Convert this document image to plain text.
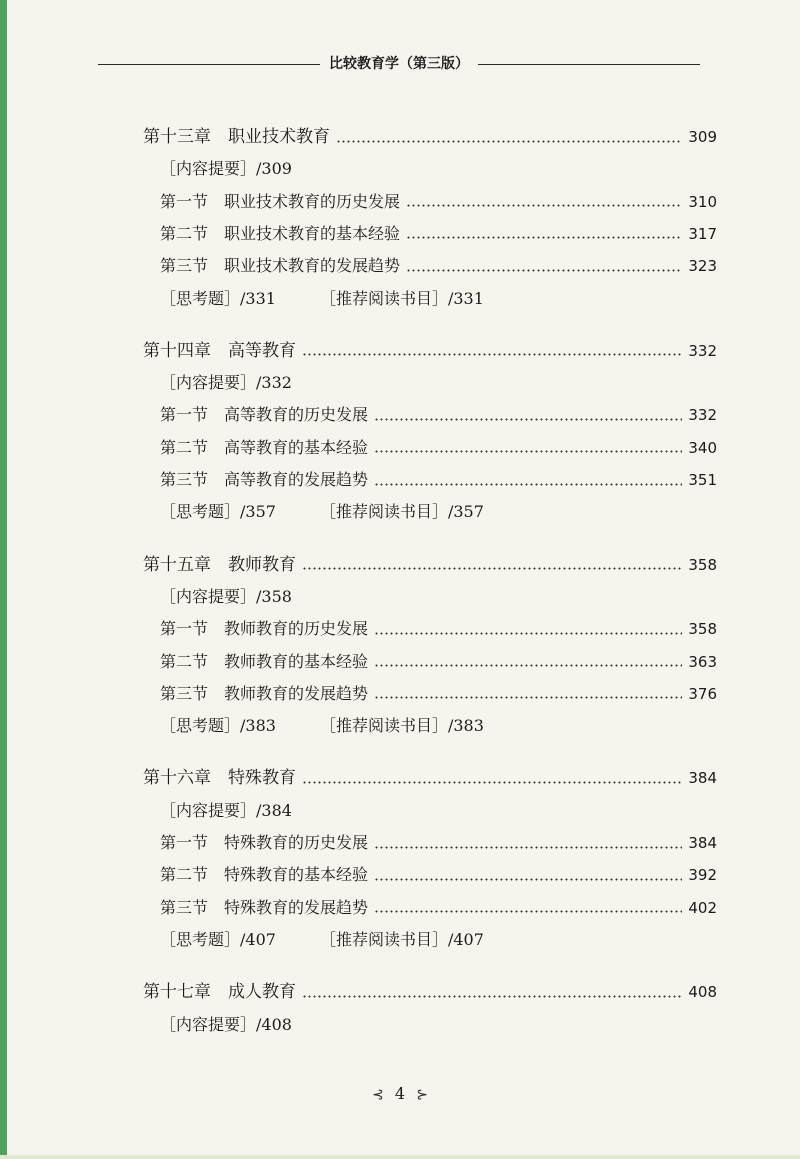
比较教育学（第三版）
第十三章　职业技术教育	309
［内容提要］/309
第一节　职业技术教育的历史发展	310
第二节　职业技术教育的基本经验	317
第三节　职业技术教育的发展趋势	323
［思考题］/331	［推荐阅读书目］/331
第十四章　高等教育	332
［内容提要］/332
第一节　高等教育的历史发展	332
第二节　高等教育的基本经验	340
第三节　高等教育的发展趋势	351
［思考题］/357	［推荐阅读书目］/357
第十五章　教师教育	358
［内容提要］/358
第一节　教师教育的历史发展	358
第二节　教师教育的基本经验	363
第三节　教师教育的发展趋势	376
［思考题］/383	［推荐阅读书目］/383
第十六章　特殊教育	384
［内容提要］/384
第一节　特殊教育的历史发展	384
第二节　特殊教育的基本经验	392
第三节　特殊教育的发展趋势	402
［思考题］/407	［推荐阅读书目］/407
第十七章　成人教育	408
［内容提要］/408
⊰ 4 ⊱
